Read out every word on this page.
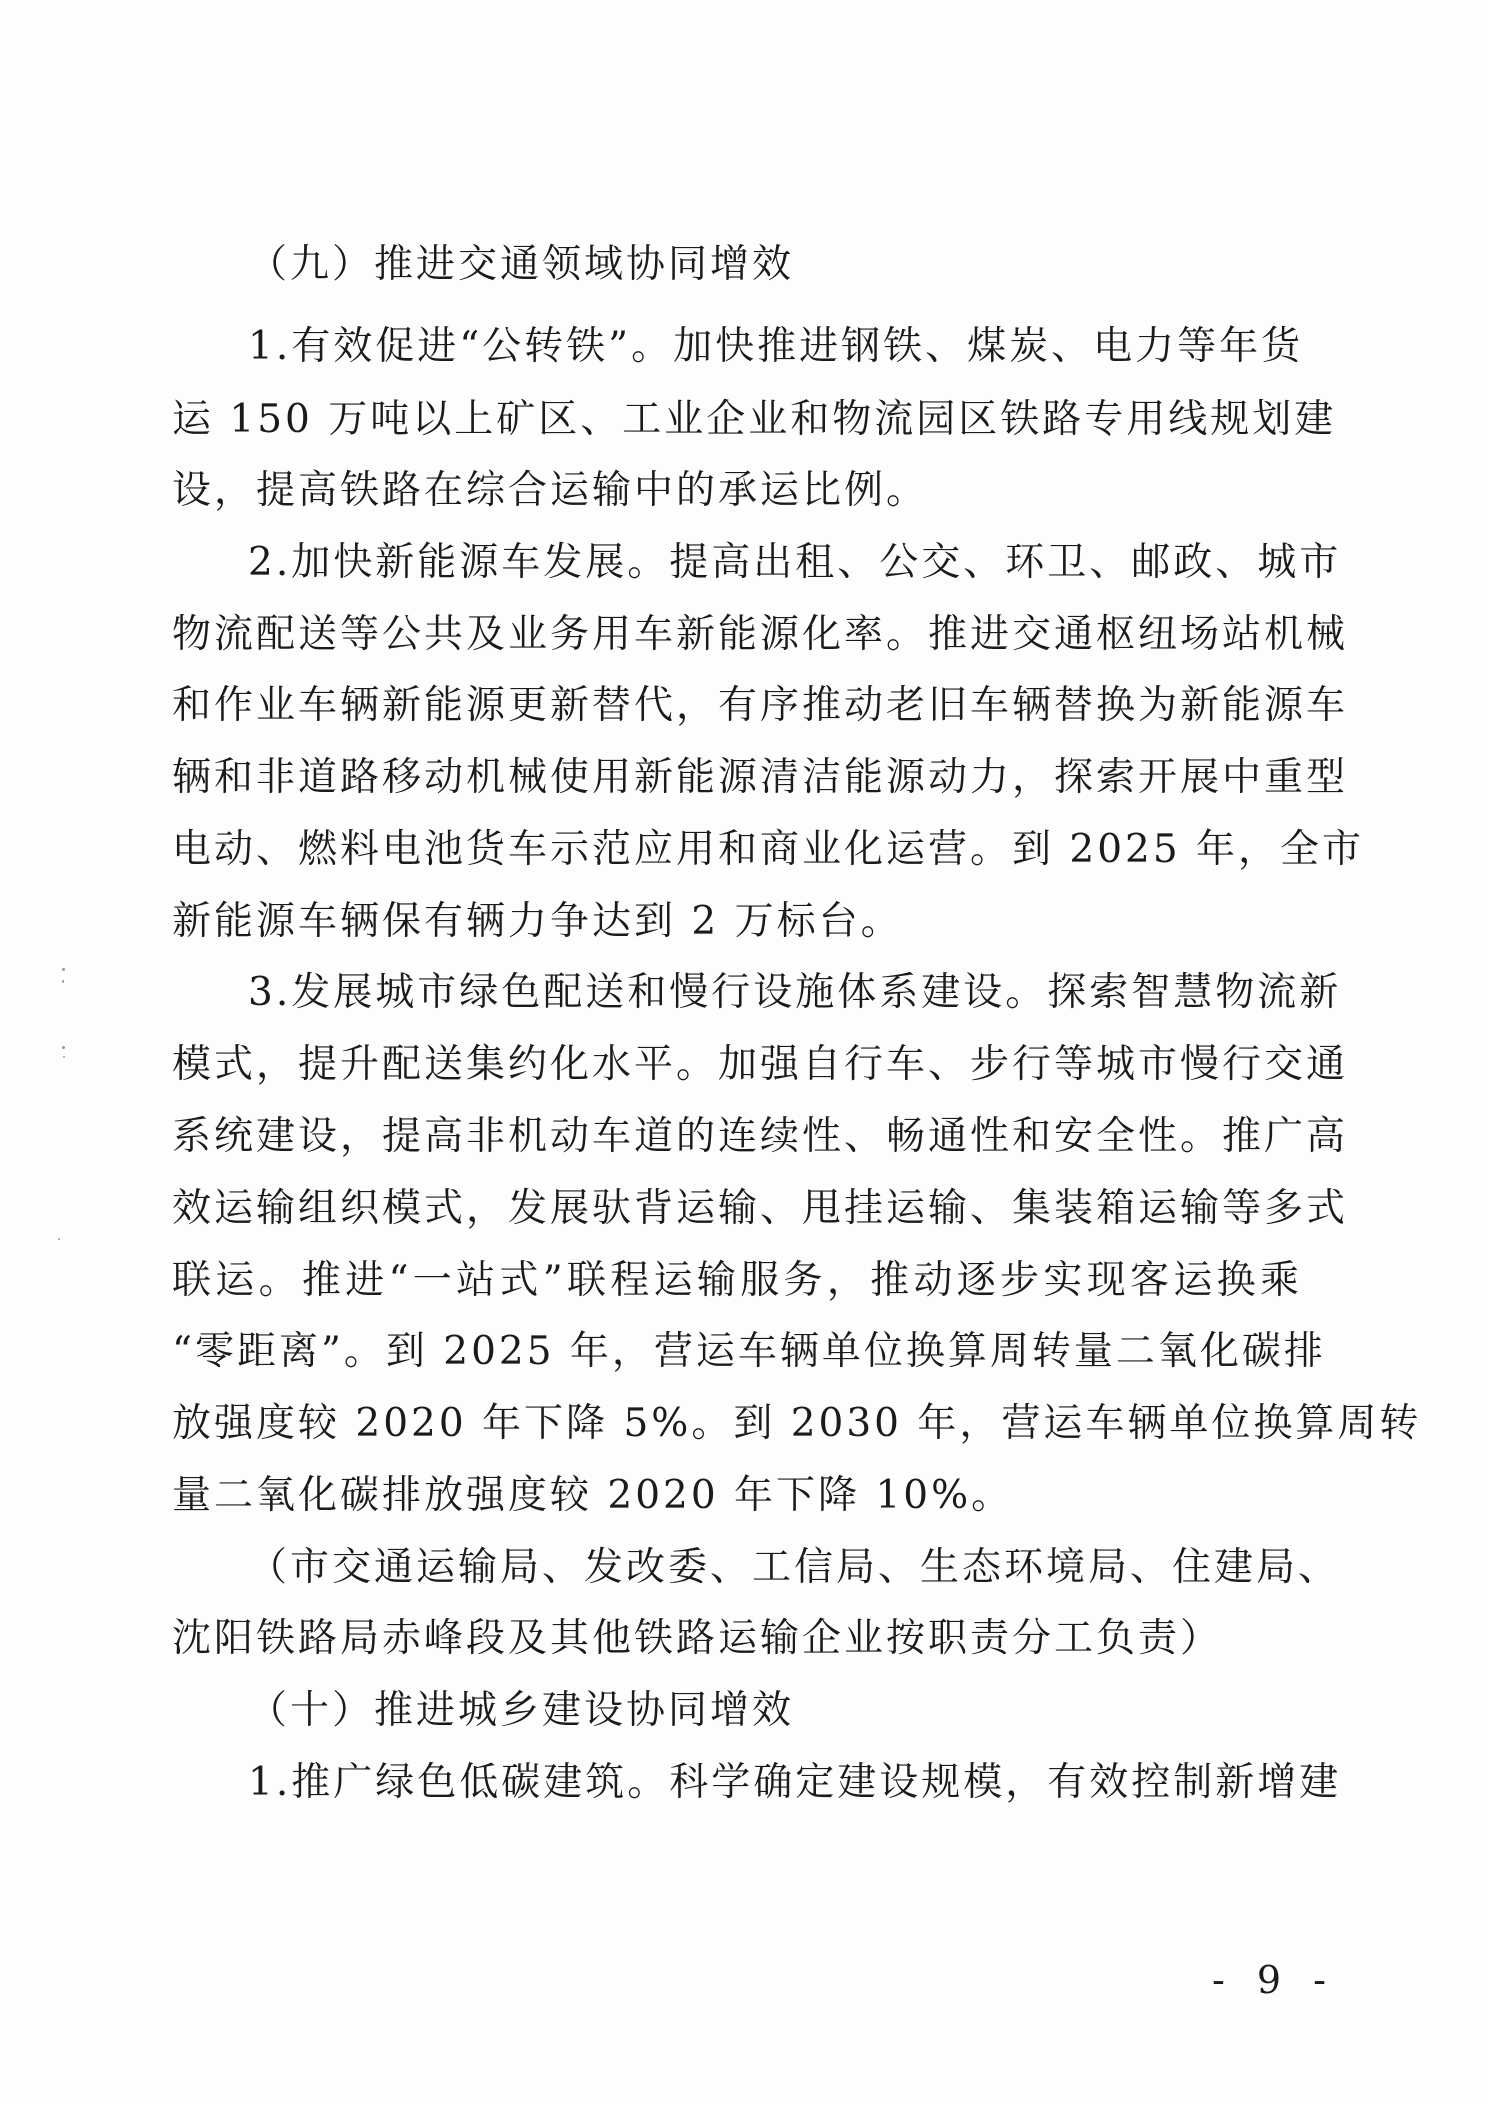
（九）推进交通领域协同增效
1.有效促进“公转铁”。加快推进钢铁、煤炭、电力等年货
运 150 万吨以上矿区、工业企业和物流园区铁路专用线规划建
设，提高铁路在综合运输中的承运比例。
2.加快新能源车发展。提高出租、公交、环卫、邮政、城市
物流配送等公共及业务用车新能源化率。推进交通枢纽场站机械
和作业车辆新能源更新替代，有序推动老旧车辆替换为新能源车
辆和非道路移动机械使用新能源清洁能源动力，探索开展中重型
电动、燃料电池货车示范应用和商业化运营。到 2025 年，全市
新能源车辆保有辆力争达到 2 万标台。
3.发展城市绿色配送和慢行设施体系建设。探索智慧物流新
模式，提升配送集约化水平。加强自行车、步行等城市慢行交通
系统建设，提高非机动车道的连续性、畅通性和安全性。推广高
效运输组织模式，发展驮背运输、甩挂运输、集装箱运输等多式
联运。推进“一站式”联程运输服务，推动逐步实现客运换乘
“零距离”。到 2025 年，营运车辆单位换算周转量二氧化碳排
放强度较 2020 年下降 5%。到 2030 年，营运车辆单位换算周转
量二氧化碳排放强度较 2020 年下降 10%。
（市交通运输局、发改委、工信局、生态环境局、住建局、
沈阳铁路局赤峰段及其他铁路运输企业按职责分工负责）
（十）推进城乡建设协同增效
1.推广绿色低碳建筑。科学确定建设规模，有效控制新增建
- 9 -
